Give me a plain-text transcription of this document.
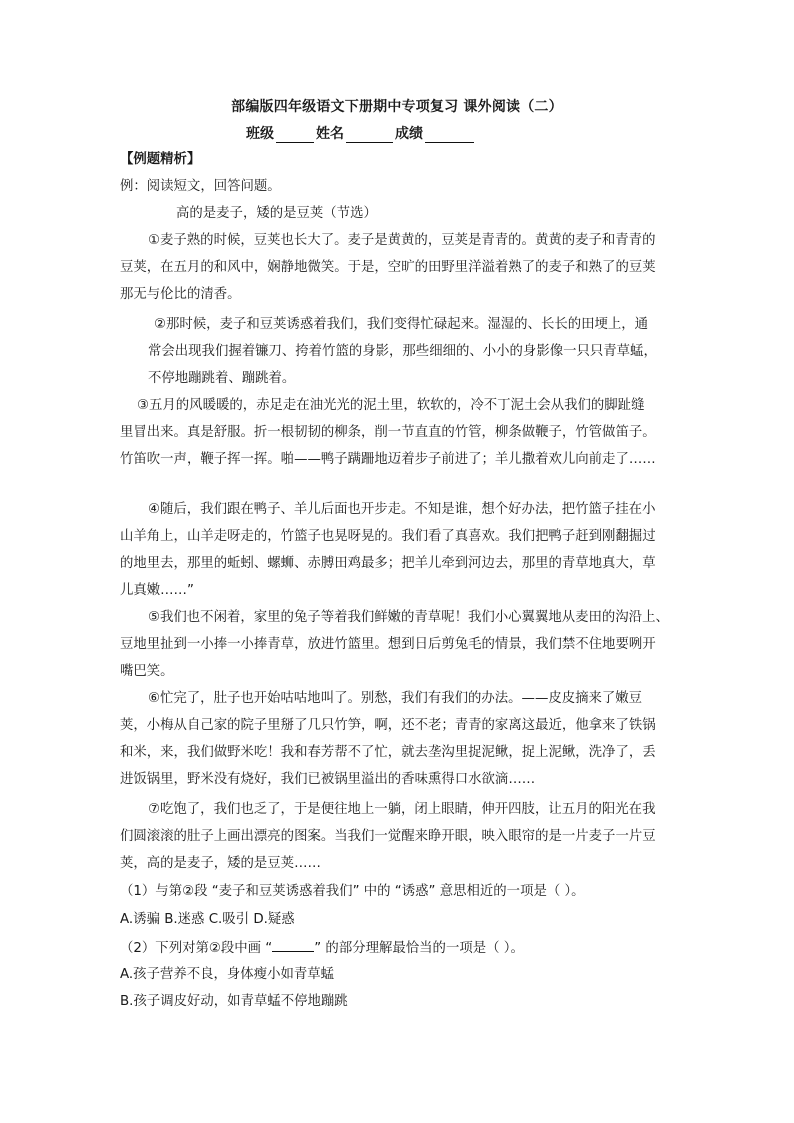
部编版四年级语文下册期中专项复习 课外阅读（二）
班级	姓名	成绩
【例题精析】
例：阅读短文，回答问题。
高的是麦子，矮的是豆荚（节选）
①麦子熟的时候，豆荚也长大了。麦子是黄黄的，豆荚是青青的。黄黄的麦子和青青的
豆荚，在五月的和风中，娴静地微笑。于是，空旷的田野里洋溢着熟了的麦子和熟了的豆荚
那无与伦比的清香。
②那时候，麦子和豆荚诱惑着我们，我们变得忙碌起来。湿湿的、长长的田埂上，通
常会出现我们握着镰刀、挎着竹篮的身影，那些细细的、小小的身影像一只只青草蜢，
不停地蹦跳着、蹦跳着。
③五月的风暖暖的，赤足走在油光光的泥土里，软软的，冷不丁泥土会从我们的脚趾缝
里冒出来。真是舒服。折一根韧韧的柳条，削一节直直的竹管，柳条做鞭子，竹管做笛子。
竹笛吹一声，鞭子挥一挥。啪——鸭子蹒跚地迈着步子前进了；羊儿撒着欢儿向前走了……
④随后，我们跟在鸭子、羊儿后面也开步走。不知是谁，想个好办法，把竹篮子挂在小
山羊角上，山羊走呀走的，竹篮子也晃呀晃的。我们看了真喜欢。我们把鸭子赶到刚翻掘过
的地里去，那里的蚯蚓、螺蛳、赤膊田鸡最多；把羊儿牵到河边去，那里的青草地真大，草
儿真嫩……”
⑤我们也不闲着，家里的兔子等着我们鲜嫩的青草呢！我们小心翼翼地从麦田的沟沿上、
豆地里扯到一小捧一小捧青草，放进竹篮里。想到日后剪兔毛的情景，我们禁不住地要咧开
嘴巴笑。
⑥忙完了，肚子也开始咕咕地叫了。别愁，我们有我们的办法。——皮皮摘来了嫩豆
荚，小梅从自己家的院子里掰了几只竹笋，啊，还不老；青青的家离这最近，他拿来了铁锅
和米，来，我们做野米吃！我和春芳帮不了忙，就去垄沟里捉泥鳅，捉上泥鳅，洗净了，丢
进饭锅里，野米没有烧好，我们已被锅里溢出的香味熏得口水欲滴……
⑦吃饱了，我们也乏了，于是便往地上一躺，闭上眼睛，伸开四肢，让五月的阳光在我
们圆滚滚的肚子上画出漂亮的图案。当我们一觉醒来睁开眼，映入眼帘的是一片麦子一片豆
荚，高的是麦子，矮的是豆荚……
（1）与第②段 “麦子和豆荚诱惑着我们” 中的 “诱惑” 意思相近的一项是（ ）。
A.诱骗 B.迷惑 C.吸引 D.疑惑
（2）下列对第②段中画 “	” 的部分理解最恰当的一项是（ ）。
A.孩子营养不良，身体瘦小如青草蜢
B.孩子调皮好动，如青草蜢不停地蹦跳
